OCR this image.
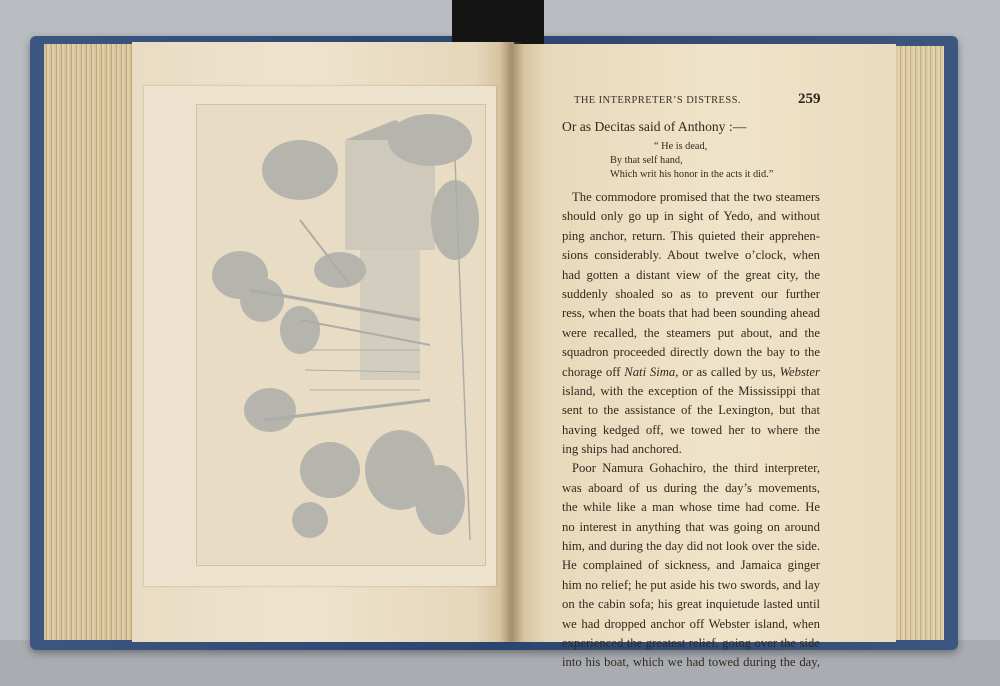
THE INTERPRETER’S DISTRESS.	259

Or as Decitas said of Anthony :—

“ He is dead,

By that self hand,

Which writ his honor in the acts it did.”

The commodore promised that the two steamers
should only go up in sight of Yedo, and without
ping anchor, return. This quieted their apprehen-
sions considerably. About twelve o’clock, when
had gotten a distant view of the great city, the
suddenly shoaled so as to prevent our further
ress, when the boats that had been sounding ahead
were recalled, the steamers put about, and the
squadron proceeded directly down the bay to the
chorage off Nati Sima, or as called by us, Webster
island, with the exception of the Mississippi that
sent to the assistance of the Lexington, but that
having kedged off, we towed her to where the
ing ships had anchored.
Poor Namura Gohachiro, the third interpreter,
was aboard of us during the day’s movements,
the while like a man whose time had come. He
no interest in anything that was going on around
him, and during the day did not look over the side.
He complained of sickness, and Jamaica ginger
him no relief; he put aside his two swords, and lay
on the cabin sofa; his great inquietude lasted until
we had dropped anchor off Webster island, when
experienced the greatest relief, going over the side
into his boat, which we had towed during the day,
